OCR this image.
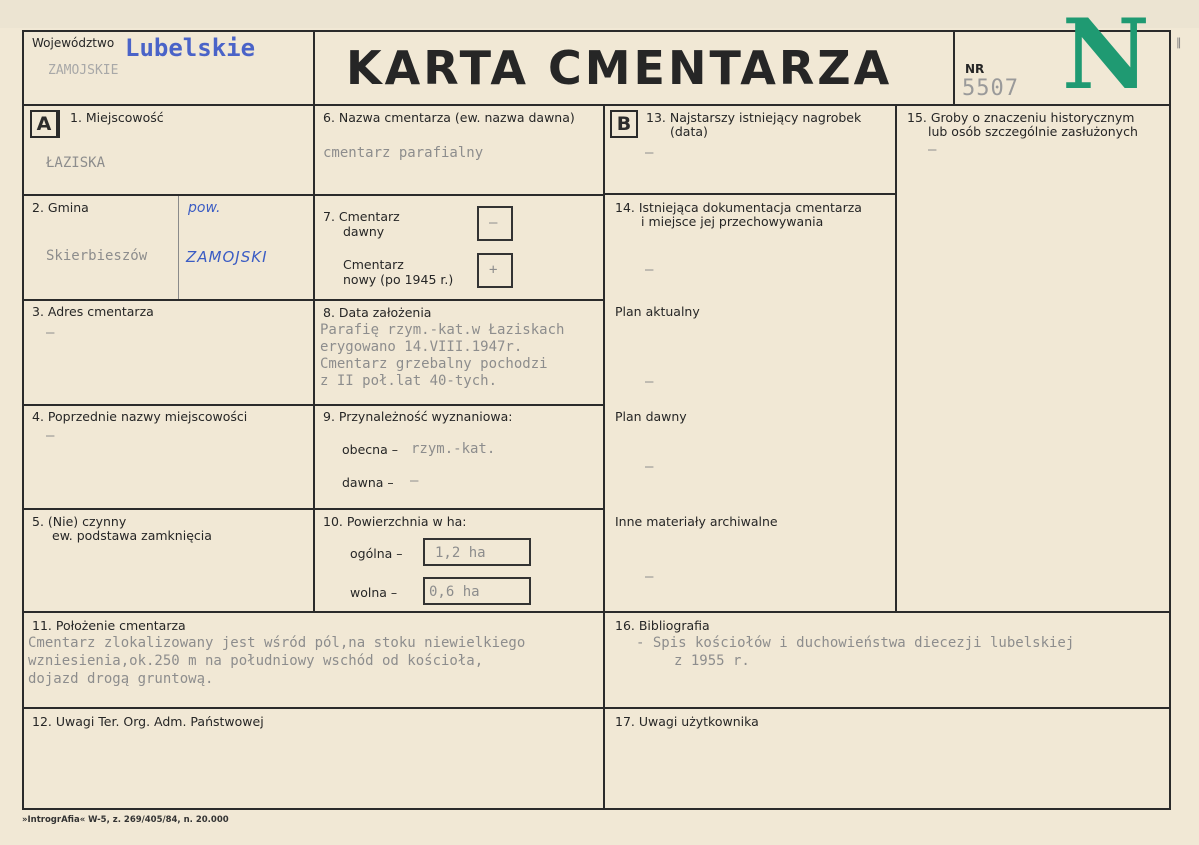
Województwo Lubelskie
ZAMOJSKIE	KARTA CMENTARZA	NR
5507 N ∥
A	B
1. Miejscowość
ŁAZISKA
2. Gmina
Skierbieszów
pow.
ZAMOJSKI
3. Adres cmentarza
–
4. Poprzednie nazwy miejscowości
–
5. (Nie) czynny
ew. podstawa zamknięcia
6. Nazwa cmentarza (ew. nazwa dawna)
cmentarz parafialny
7. Cmentarz
dawny
–
Cmentarz
nowy (po 1945 r.)
+
8. Data założenia
Parafię rzym.-kat.w Łaziskach
erygowano 14.VIII.1947r.
Cmentarz grzebalny pochodzi
z II poł.lat 40-tych.
9. Przynależność wyznaniowa:
obecna – rzym.-kat.
dawna – –
10. Powierzchnia w ha:
ogólna – 1,2 ha
wolna – 0,6 ha
13. Najstarszy istniejący nagrobek
(data)
–
14. Istniejąca dokumentacja cmentarza
i miejsce jej przechowywania
–
Plan aktualny
–
Plan dawny
–
Inne materiały archiwalne
–
15. Groby o znaczeniu historycznym
lub osób szczególnie zasłużonych
–
11. Położenie cmentarza
Cmentarz zlokalizowany jest wśród pól,na stoku niewielkiego
wzniesienia,ok.250 m na południowy wschód od kościoła,
dojazd drogą gruntową.
16. Bibliografia
- Spis kościołów i duchowieństwa diecezji lubelskiej
z 1955 r.
12. Uwagi Ter. Org. Adm. Państwowej	17. Uwagi użytkownika
»IntrogrAfia« W-5, z. 269/405/84, n. 20.000
